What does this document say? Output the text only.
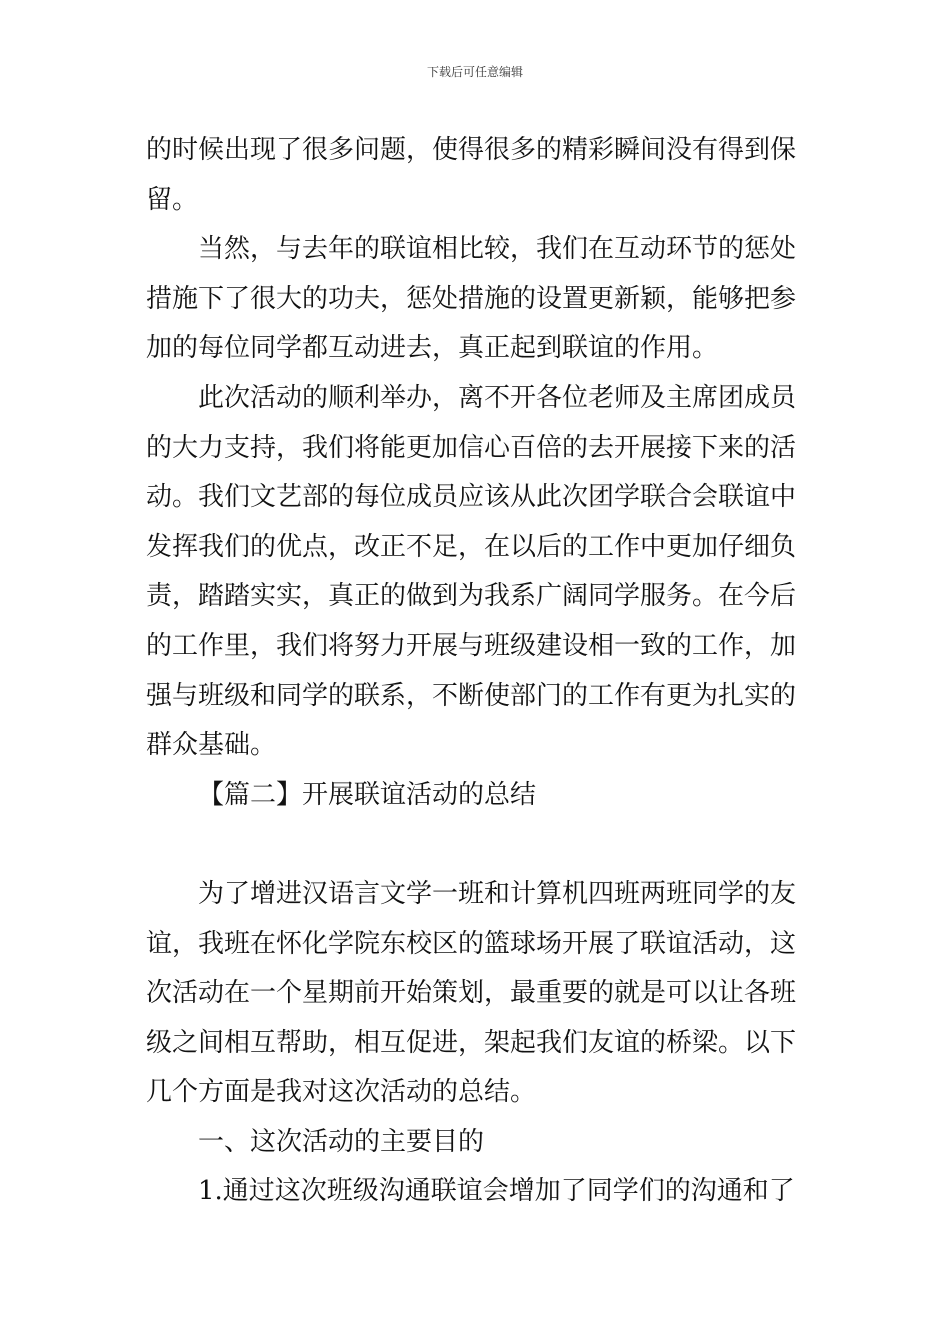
下载后可任意编辑
的时候出现了很多问题，使得很多的精彩瞬间没有得到保
留。
当然，与去年的联谊相比较，我们在互动环节的惩处
措施下了很大的功夫，惩处措施的设置更新颖，能够把参
加的每位同学都互动进去，真正起到联谊的作用。
此次活动的顺利举办，离不开各位老师及主席团成员
的大力支持，我们将能更加信心百倍的去开展接下来的活
动。我们文艺部的每位成员应该从此次团学联合会联谊中
发挥我们的优点，改正不足，在以后的工作中更加仔细负
责，踏踏实实，真正的做到为我系广阔同学服务。在今后
的工作里，我们将努力开展与班级建设相一致的工作，加
强与班级和同学的联系，不断使部门的工作有更为扎实的
群众基础。
【篇二】开展联谊活动的总结
为了增进汉语言文学一班和计算机四班两班同学的友
谊，我班在怀化学院东校区的篮球场开展了联谊活动，这
次活动在一个星期前开始策划，最重要的就是可以让各班
级之间相互帮助，相互促进，架起我们友谊的桥梁。以下
几个方面是我对这次活动的总结。
一、这次活动的主要目的
1.通过这次班级沟通联谊会增加了同学们的沟通和了
